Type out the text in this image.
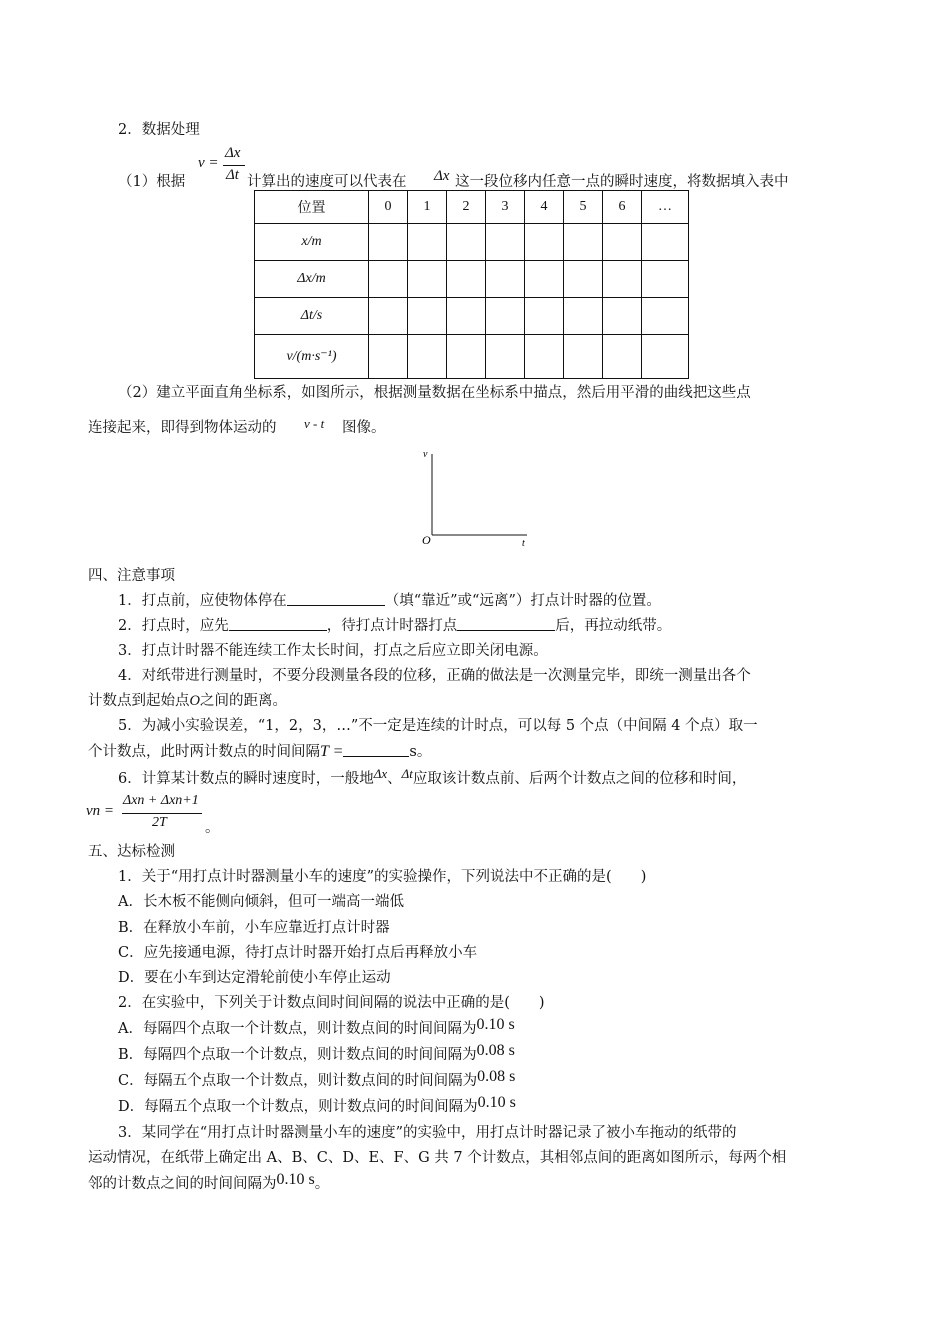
2．数据处理
（1）根据
v =
Δx
Δt 计算出的速度可以代表在 Δx 这一段位移内任意一点的瞬时速度，将数据填入表中
位置	0	1	2	3	4	5	6	…
x/m								
Δx/m								
Δt/s								
v/(m·s⁻¹)								
（2）建立平面直角坐标系，如图所示，根据测量数据在坐标系中描点，然后用平滑的曲线把这些点
连接起来，即得到物体运动的 v - t 图像。
v
t
O
四、注意事项
1．打点前，应使物体停在	（填“靠近”或“远离”）打点计时器的位置。
2．打点时，应先	，待打点计时器打点	后，再拉动纸带。
3．打点计时器不能连续工作太长时间，打点之后应立即关闭电源。
4．对纸带进行测量时，不要分段测量各段的位移，正确的做法是一次测量完毕，即统一测量出各个
计数点到起始点O之间的距离。
5．为减小实验误差，“1，2，3，…”不一定是连续的计时点，可以每 5 个点（中间隔 4 个点）取一
个计数点，此时两计数点的时间间隔T =	s。
6．计算某计数点的瞬时速度时，一般地Δx、Δt应取该计数点前、后两个计数点之间的位移和时间，
vn =
Δxn + Δxn+1
2T	。
五、达标检测
1．关于“用打点计时器测量小车的速度”的实验操作，下列说法中不正确的是(　　)
A．长木板不能侧向倾斜，但可一端高一端低
B．在释放小车前，小车应靠近打点计时器
C．应先接通电源，待打点计时器开始打点后再释放小车
D．要在小车到达定滑轮前使小车停止运动
2．在实验中，下列关于计数点间时间间隔的说法中正确的是(　　)
A．每隔四个点取一个计数点，则计数点间的时间间隔为0.10 s
B．每隔四个点取一个计数点，则计数点间的时间间隔为0.08 s
C．每隔五个点取一个计数点，则计数点间的时间间隔为0.08 s
D．每隔五个点取一个计数点，则计数点问的时间间隔为0.10 s
3．某同学在“用打点计时器测量小车的速度”的实验中，用打点计时器记录了被小车拖动的纸带的
运动情况，在纸带上确定出 A、B、C、D、E、F、G 共 7 个计数点，其相邻点间的距离如图所示，每两个相
邻的计数点之间的时间间隔为0.10 s。
